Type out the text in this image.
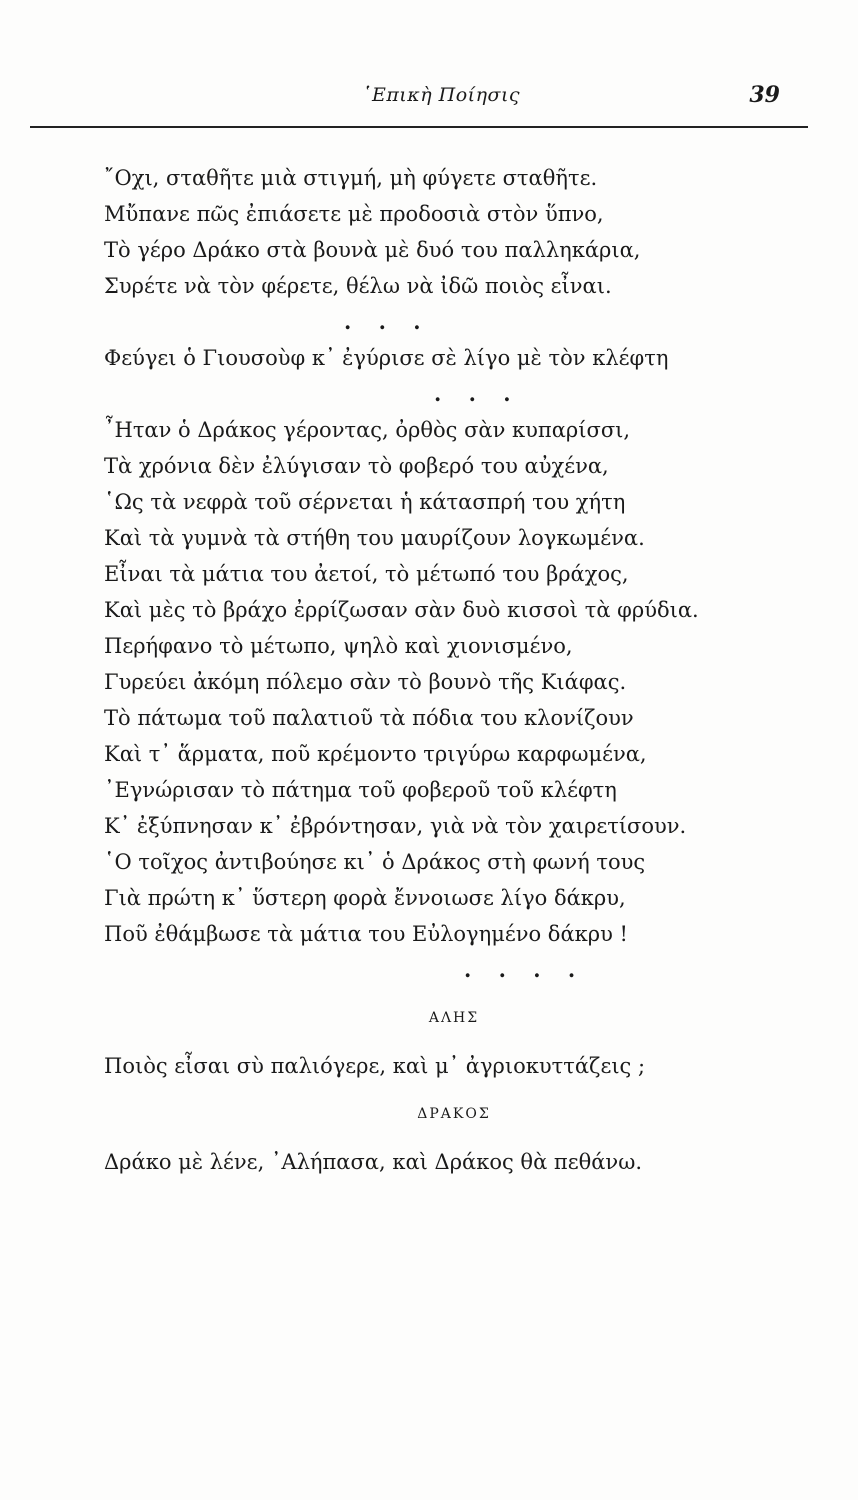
῾Επικὴ Ποίησις	39
῎Οχι, σταθῆτε μιὰ στιγμή, μὴ φύγετε σταθῆτε.
Μὔπανε πῶς ἐπιάσετε μὲ προδοσιὰ στὸν ὕπνο,
Τὸ γέρο Δράκο στὰ βουνὰ μὲ δυό του παλληκάρια,
Συρέτε νὰ τὸν φέρετε, θέλω νὰ ἰδῶ ποιὸς εἶναι.
. . .
Φεύγει ὁ Γιουσοὺφ κ᾿ ἐγύρισε σὲ λίγο μὲ τὸν κλέφτη
. . .
῏Ηταν ὁ Δράκος γέροντας, ὀρθὸς σὰν κυπαρίσσι,
Τὰ χρόνια δὲν ἐλύγισαν τὸ φοβερό του αὐχένα,
῾Ως τὰ νεφρὰ τοῦ σέρνεται ἡ κάτασπρή του χήτη
Καὶ τὰ γυμνὰ τὰ στήθη του μαυρίζουν λογκωμένα.
Εἶναι τὰ μάτια του ἀετοί, τὸ μέτωπό του βράχος,
Καὶ μὲς τὸ βράχο ἐρρίζωσαν σὰν δυὸ κισσοὶ τὰ φρύδια.
Περήφανο τὸ μέτωπο, ψηλὸ καὶ χιονισμένο,
Γυρεύει ἀκόμη πόλεμο σὰν τὸ βουνὸ τῆς Κιάφας.
Τὸ πάτωμα τοῦ παλατιοῦ τὰ πόδια του κλονίζουν
Καὶ τ᾿ ἅρματα, ποῦ κρέμοντο τριγύρω καρφωμένα,
᾿Εγνώρισαν τὸ πάτημα τοῦ φοβεροῦ τοῦ κλέφτη
Κ᾿ ἐξύπνησαν κ᾿ ἐβρόντησαν, γιὰ νὰ τὸν χαιρετίσουν.
῾Ο τοῖχος ἀντιβούησε κι᾿ ὁ Δράκος στὴ φωνή τους
Γιὰ πρώτη κ᾿ ὕστερη φορὰ ἔννοιωσε λίγο δάκρυ,
Ποῦ ἐθάμβωσε τὰ μάτια του Εὐλογημένο δάκρυ !
. . . .
ΑΛΗΣ
Ποιὸς εἶσαι σὺ παλιόγερε, καὶ μ᾿ ἀγριοκυττάζεις ;
ΔΡΑΚΟΣ
Δράκο μὲ λένε, ᾿Αλήπασα, καὶ Δράκος θὰ πεθάνω.
